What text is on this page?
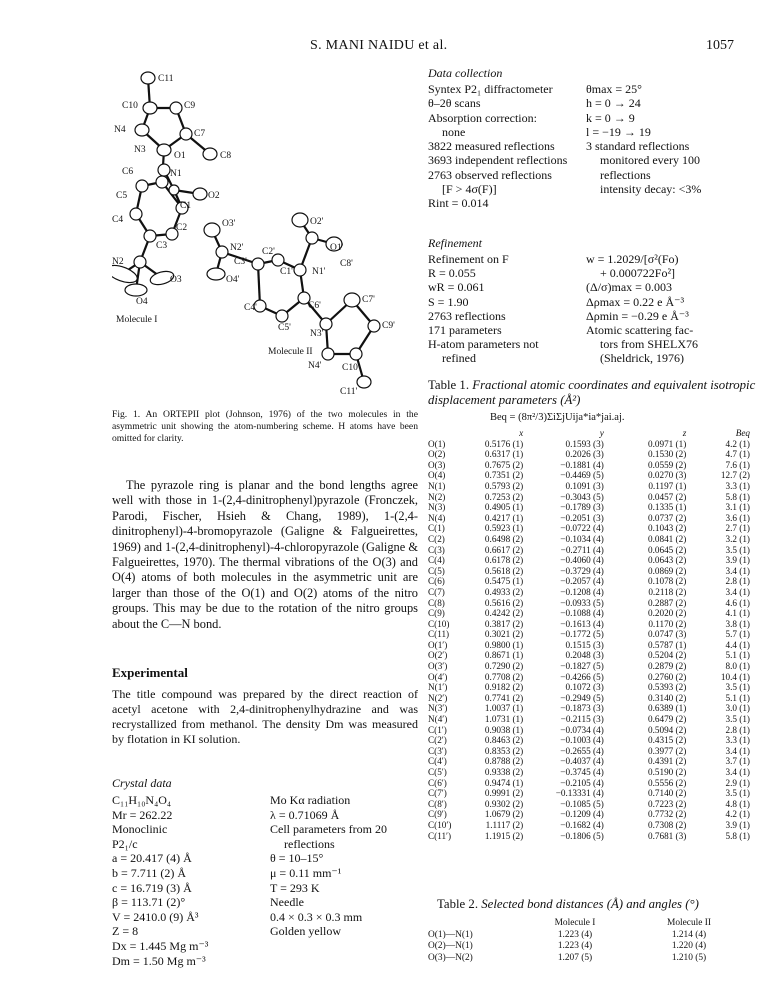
S. MANI NAIDU et al.	1057
C11
C10	C9
N4	C7
N3
C8
O1
C6	N1
C5	O2
C1
C4
C2
C3
N2
O3
O4
O3'	O2'
N2' C2'
C3'
C1' N1'
C8'
O4'
O1'
C7'
C4'	C6'
C5'
N3'
C9'
N4' C10'
C11'
Molecule I
Molecule II

Fig. 1. An ORTEPII plot (Johnson, 1976) of the two molecules in the asymmetric unit showing the atom-numbering scheme. H atoms have been omitted for clarity.

The pyrazole ring is planar and the bond lengths agree well with those in 1-(2,4-dinitrophenyl)pyrazole (Fronczek, Parodi, Fischer, Hsieh & Chang, 1989), 1-(2,4-dinitrophenyl)-4-bromopyrazole (Galigne & Falgueirettes, 1969) and 1-(2,4-dinitrophenyl)-4-chloropyrazole (Galigne & Falgueirettes, 1970). The thermal vibrations of the O(3) and O(4) atoms of both molecules in the asymmetric unit are larger than those of the O(1) and O(2) atoms of the nitro groups. This may be due to the rotation of the nitro groups about the C—N bond.

Experimental

The title compound was prepared by the direct reaction of acetyl acetone with 2,4-dinitrophenylhydrazine and was recrystallized from methanol. The density Dm was measured by flotation in KI solution.

Crystal data
C₁₁H₁₀N₄O₄
Mr = 262.22
Monoclinic
P2₁/c
a = 20.417 (4) Å
b = 7.711 (2) Å
c = 16.719 (3) Å
β = 113.71 (2)°
V = 2410.0 (9) Å³
Z = 8
Dx = 1.445 Mg m⁻³
Dm = 1.50 Mg m⁻³
Mo Kα radiation
λ = 0.71069 Å
Cell parameters from 20
reflections
θ = 10–15°
μ = 0.11 mm⁻¹
T = 293 K
Needle
0.4 × 0.3 × 0.3 mm
Golden yellow
Data collection
Syntex P2₁ diffractometer
θ–2θ scans
Absorption correction:
none
3822 measured reflections
3693 independent reflections
2763 observed reflections
[F > 4σ(F)]
Rint = 0.014
θmax = 25°
h = 0 → 24
k = 0 → 9
l = −19 → 19
3 standard reflections
monitored every 100
reflections
intensity decay: <3%
Refinement
Refinement on F
R = 0.055
wR = 0.061
S = 1.90
2763 reflections
171 parameters
H-atom parameters not
refined
w = 1.2029/[σ²(Fo)
+ 0.000722Fo²]
(Δ/σ)max = 0.003
Δρmax = 0.22 e Å⁻³
Δρmin = −0.29 e Å⁻³
Atomic scattering fac-
tors from SHELX76
(Sheldrick, 1976)
Table 1. Fractional atomic coordinates and equivalent isotropic displacement parameters (Å²)
Beq = (8π²/3)ΣiΣjUija*ia*jai.aj.
	x	y	z	Beq
O(1)	0.5176 (1)	0.1593 (3)	0.0971 (1)	4.2 (1)
O(2)	0.6317 (1)	0.2026 (3)	0.1530 (2)	4.7 (1)
O(3)	0.7675 (2)	−0.1881 (4)	0.0559 (2)	7.6 (1)
O(4)	0.7351 (2)	−0.4469 (5)	0.0270 (3)	12.7 (2)
N(1)	0.5793 (2)	0.1091 (3)	0.1197 (1)	3.3 (1)
N(2)	0.7253 (2)	−0.3043 (5)	0.0457 (2)	5.8 (1)
N(3)	0.4905 (1)	−0.1789 (3)	0.1335 (1)	3.1 (1)
N(4)	0.4217 (1)	−0.2051 (3)	0.0737 (2)	3.6 (1)
C(1)	0.5923 (1)	−0.0722 (4)	0.1043 (2)	2.7 (1)
C(2)	0.6498 (2)	−0.1034 (4)	0.0841 (2)	3.2 (1)
C(3)	0.6617 (2)	−0.2711 (4)	0.0645 (2)	3.5 (1)
C(4)	0.6178 (2)	−0.4060 (4)	0.0643 (2)	3.9 (1)
C(5)	0.5618 (2)	−0.3729 (4)	0.0869 (2)	3.4 (1)
C(6)	0.5475 (1)	−0.2057 (4)	0.1078 (2)	2.8 (1)
C(7)	0.4933 (2)	−0.1208 (4)	0.2118 (2)	3.4 (1)
C(8)	0.5616 (2)	−0.0933 (5)	0.2887 (2)	4.6 (1)
C(9)	0.4242 (2)	−0.1088 (4)	0.2020 (2)	4.1 (1)
C(10)	0.3817 (2)	−0.1613 (4)	0.1170 (2)	3.8 (1)
C(11)	0.3021 (2)	−0.1772 (5)	0.0747 (3)	5.7 (1)
O(1′)	0.9800 (1)	0.1515 (3)	0.5787 (1)	4.4 (1)
O(2′)	0.8671 (1)	0.2048 (3)	0.5204 (2)	5.1 (1)
O(3′)	0.7290 (2)	−0.1827 (5)	0.2879 (2)	8.0 (1)
O(4′)	0.7708 (2)	−0.4266 (5)	0.2760 (2)	10.4 (1)
N(1′)	0.9182 (2)	0.1072 (3)	0.5393 (2)	3.5 (1)
N(2′)	0.7741 (2)	−0.2949 (5)	0.3140 (2)	5.1 (1)
N(3′)	1.0037 (1)	−0.1873 (3)	0.6389 (1)	3.0 (1)
N(4′)	1.0731 (1)	−0.2115 (3)	0.6479 (2)	3.5 (1)
C(1′)	0.9038 (1)	−0.0734 (4)	0.5094 (2)	2.8 (1)
C(2′)	0.8463 (2)	−0.1003 (4)	0.4315 (2)	3.3 (1)
C(3′)	0.8353 (2)	−0.2655 (4)	0.3977 (2)	3.4 (1)
C(4′)	0.8788 (2)	−0.4037 (4)	0.4391 (2)	3.7 (1)
C(5′)	0.9338 (2)	−0.3745 (4)	0.5190 (2)	3.4 (1)
C(6′)	0.9474 (1)	−0.2105 (4)	0.5556 (2)	2.9 (1)
C(7′)	0.9991 (2)	−0.13331 (4)	0.7140 (2)	3.5 (1)
C(8′)	0.9302 (2)	−0.1085 (5)	0.7223 (2)	4.8 (1)
C(9′)	1.0679 (2)	−0.1209 (4)	0.7732 (2)	4.2 (1)
C(10′)	1.1117 (2)	−0.1682 (4)	0.7308 (2)	3.9 (1)
C(11′)	1.1915 (2)	−0.1806 (5)	0.7681 (3)	5.8 (1)
Table 2. Selected bond distances (Å) and angles (°)
	Molecule I	Molecule II
O(1)—N(1)	1.223 (4)	1.214 (4)
O(2)—N(1)	1.223 (4)	1.220 (4)
O(3)—N(2)	1.207 (5)	1.210 (5)
